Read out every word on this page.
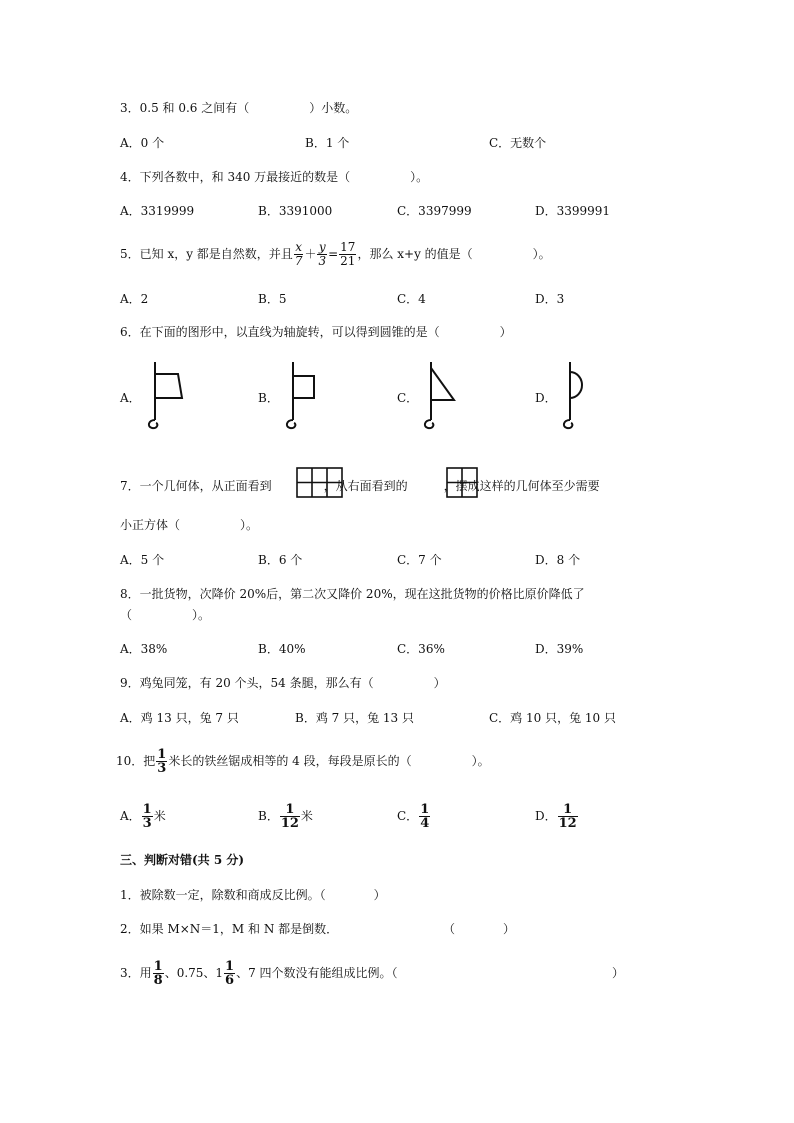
3．0.5 和 0.6 之间有（　　　　　）小数。
A．0 个	B．1 个	C．无数个
4．下列各数中，和 340 万最接近的数是（　　　　　）。
A．3319999	B．3391000	C．3397999	D．3399991
5．已知 x，y 都是自然数，并且 $\frac{x}{7} + \frac{y}{3} = \frac{17}{21}$ ，那么 x+y 的值是（　　　　　）。
A．2	B．5	C．4	D．3
6．在下面的图形中，以直线为轴旋转，可以得到圆锥的是（　　　　　）
A．	B．	C．	D．
7．一个几何体，从正面看到	，从右面看到的	，摆成这样的几何体至少需要
小正方体（　　　　　）。
A．5 个	B．6 个	C．7 个	D．8 个
8．一批货物，次降价 20%后，第二次又降价 20%，现在这批货物的价格比原价降低了
（　　　　　）。
A．38%	B．40%	C．36%	D．39%
9．鸡兔同笼，有 20 个头，54 条腿，那么有（　　　　　）
A．鸡 13 只，兔 7 只	B．鸡 7 只，兔 13 只	C．鸡 10 只，兔 10 只
10．把 $\frac{1}{3}$ 米长的铁丝锯成相等的 4 段，每段是原长的（　　　　　）。
A． $\frac{1}{3}$ 米	B． $\frac{1}{12}$ 米	C． $\frac{1}{4}$	D． $\frac{1}{12}$
三、判断对错(共 5 分)
1．被除数一定，除数和商成反比例。（　　　　）
2．如果 M×N＝1，M 和 N 都是倒数．	（　　　　）
3．用 $\frac{1}{8}$ 、0.75、$1 \frac{1}{6}$ 、7 四个数没有能组成比例。（	）
